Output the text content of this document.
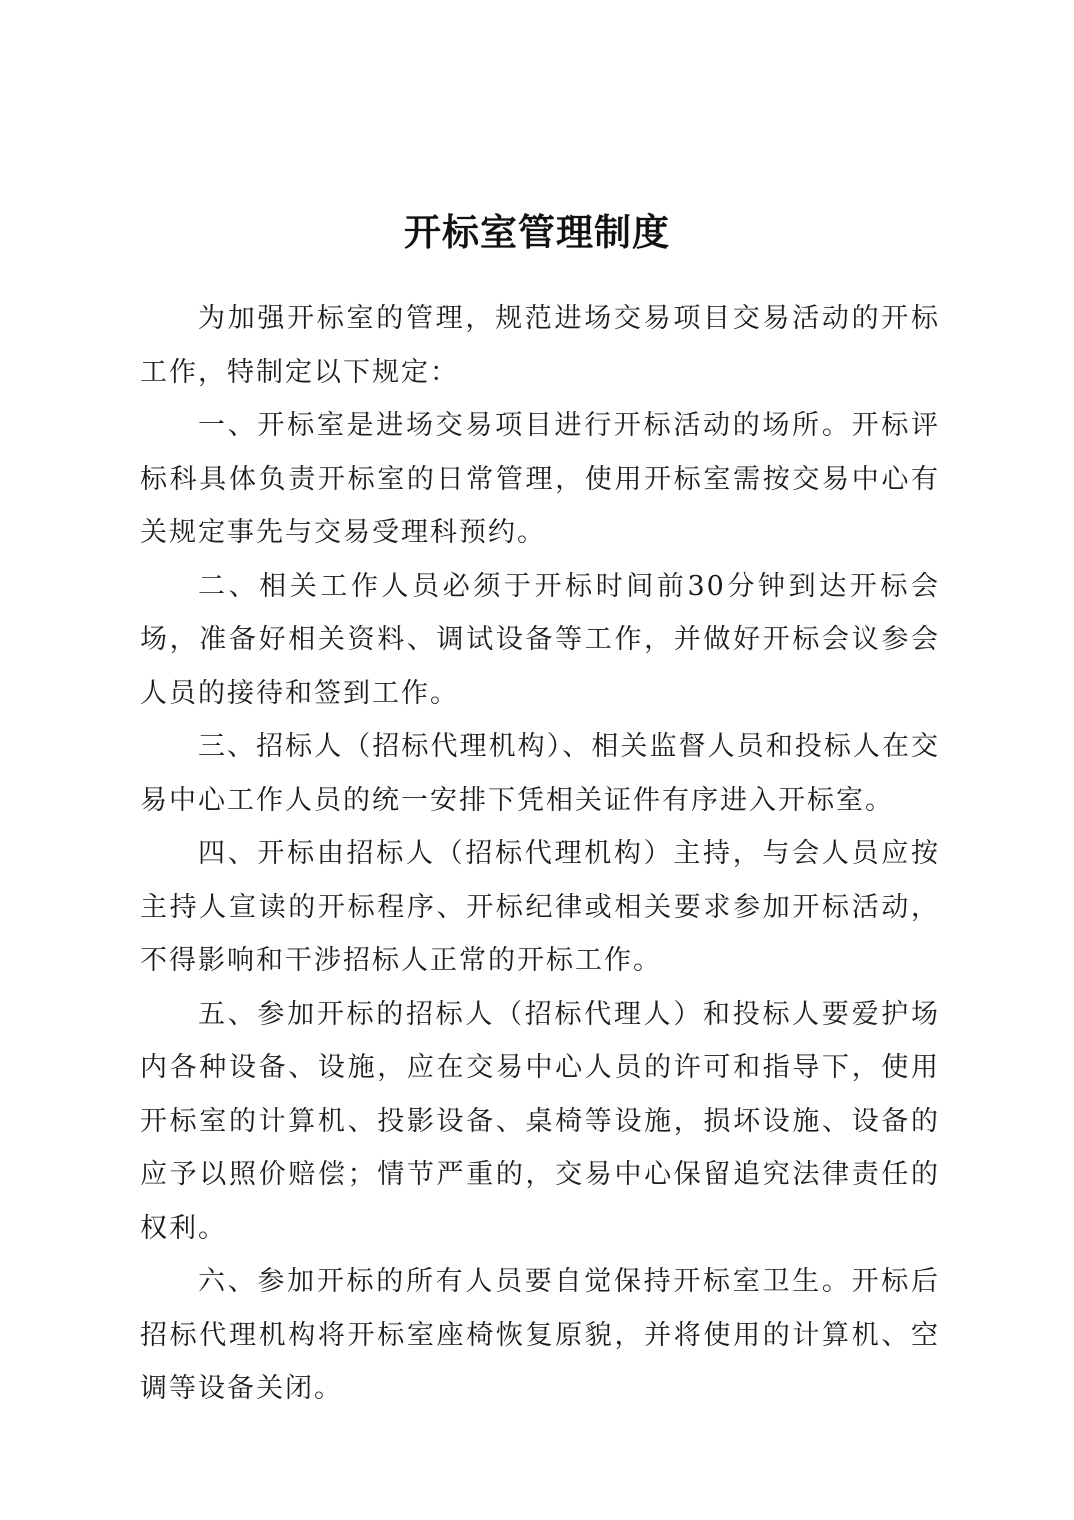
开标室管理制度

为加强开标室的管理，规范进场交易项目交易活动的开标工作，特制定以下规定：

一、开标室是进场交易项目进行开标活动的场所。开标评标科具体负责开标室的日常管理，使用开标室需按交易中心有关规定事先与交易受理科预约。

二、相关工作人员必须于开标时间前30分钟到达开标会场，准备好相关资料、调试设备等工作，并做好开标会议参会人员的接待和签到工作。

三、招标人（招标代理机构）、相关监督人员和投标人在交易中心工作人员的统一安排下凭相关证件有序进入开标室。

四、开标由招标人（招标代理机构）主持，与会人员应按主持人宣读的开标程序、开标纪律或相关要求参加开标活动，不得影响和干涉招标人正常的开标工作。

五、参加开标的招标人（招标代理人）和投标人要爱护场内各种设备、设施，应在交易中心人员的许可和指导下，使用开标室的计算机、投影设备、桌椅等设施，损坏设施、设备的应予以照价赔偿；情节严重的，交易中心保留追究法律责任的权利。

六、参加开标的所有人员要自觉保持开标室卫生。开标后招标代理机构将开标室座椅恢复原貌，并将使用的计算机、空调等设备关闭。
